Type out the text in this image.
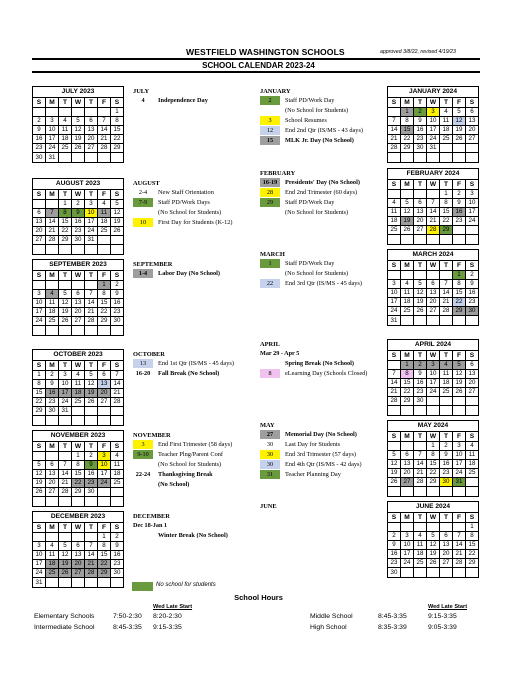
WESTFIELD WASHINGTON SCHOOLS	approved 3/8/22, revised 4/19/23
SCHOOL CALENDAR 2023-24
JULY 2023
S	M	T	W	T	F	S
						1
2	3	4	5	6	7	8
9	10	11	12	13	14	15
16	17	18	19	20	21	22
23	24	25	26	27	28	29
30	31					
AUGUST 2023
S	M	T	W	T	F	S
		1	2	3	4	5
6	7	8	9	10	11	12
13	14	15	16	17	18	19
20	21	22	23	24	25	26
27	28	29	30	31		

SEPTEMBER 2023
S	M	T	W	T	F	S
					1	2
3	4	5	6	7	8	9
10	11	12	13	14	15	16
17	18	19	20	21	22	23
24	25	26	27	28	29	30

OCTOBER 2023
S	M	T	W	T	F	S
1	2	3	4	5	6	7
8	9	10	11	12	13	14
15	16	17	18	19	20	21
22	23	24	25	26	27	28
29	30	31				

NOVEMBER 2023
S	M	T	W	T	F	S
			1	2	3	4
5	6	7	8	9	10	11
12	13	14	15	16	17	18
19	20	21	22	23	24	25
26	27	28	29	30		

DECEMBER 2023
S	M	T	W	T	F	S
					1	2
3	4	5	6	7	8	9
10	11	12	13	14	15	16
17	18	19	20	21	22	23
24	25	26	27	28	29	30
31						
JANUARY 2024
S	M	T	W	T	F	S
	1	2	3	4	5	6
7	8	9	10	11	12	13
14	15	16	17	18	19	20
21	22	23	24	25	26	27
28	29	30	31			

FEBRUARY 2024
S	M	T	W	T	F	S
				1	2	3
4	5	6	7	8	9	10
11	12	13	14	15	16	17
18	19	20	21	22	23	24
25	26	27	28	29		

MARCH 2024
S	M	T	W	T	F	S
					1	2
3	4	5	6	7	8	9
10	11	12	13	14	15	16
17	18	19	20	21	22	23
24	25	26	27	28	29	30
31						
APRIL 2024
S	M	T	W	T	F	S
	1	2	3	4	5	6
7	8	9	10	11	12	13
14	15	16	17	18	19	20
21	22	23	24	25	26	27
28	29	30				

MAY 2024
S	M	T	W	T	F	S
			1	2	3	4
5	6	7	8	9	10	11
12	13	14	15	16	17	18
19	20	21	22	23	24	25
26	27	28	29	30	31	

JUNE 2024
S	M	T	W	T	F	S
						1
2	3	4	5	6	7	8
9	10	11	12	13	14	15
16	17	18	19	20	21	22
23	24	25	26	27	28	29
30						
JULY
4	Independence Day
AUGUST
2-4	New Staff Orientation
7-9	Staff PD/Work Days
(No School for Students)
10	First Day for Students (K-12)
SEPTEMBER
1-4	Labor Day (No School)
OCTOBER
13	End 1st Qtr (IS/MS - 45 days)
16-20	Fall Break (No School)
NOVEMBER
3	End First Trimester (58 days)
9-10	Teacher Plng/Parent Conf
(No School for Students)
22-24	Thanksgiving Break
(No School)
DECEMBER
Dec 18-Jan 1
Winter Break (No School)
JANUARY
2	Staff PD/Work Day
(No School for Students)
3	School Resumes
12	End 2nd Qtr (IS/MS - 43 days)
15	MLK Jr. Day (No School)
FEBRUARY
16-19	Presidents' Day (No School)
28	End 2nd Trimester (60 days)
29	Staff PD/Work Day
(No School for Students)
MARCH
1	Staff PD/Work Day
(No School for Students)
22	End 3rd Qtr (IS/MS - 45 days)
APRIL
Mar 29 - Apr 5
Spring Break (No School)
8	eLearning Day (Schools Closed)
MAY
27	Memorial Day (No School)
30	Last Day for Students
30	End 3rd Trimester (57 days)
30	End 4th Qtr (IS/MS - 42 days)
31	Teacher Planning Day
JUNE
No school for students
School Hours
Wed Late Start	Wed Late Start
Elementary Schools	7:50-2:30 8:20-2:30
Intermediate School	8:45-3:35 9:15-3:35
Middle School	8:45-3:35	9:15-3:35
High School	8:35-3:39	9:05-3:39
